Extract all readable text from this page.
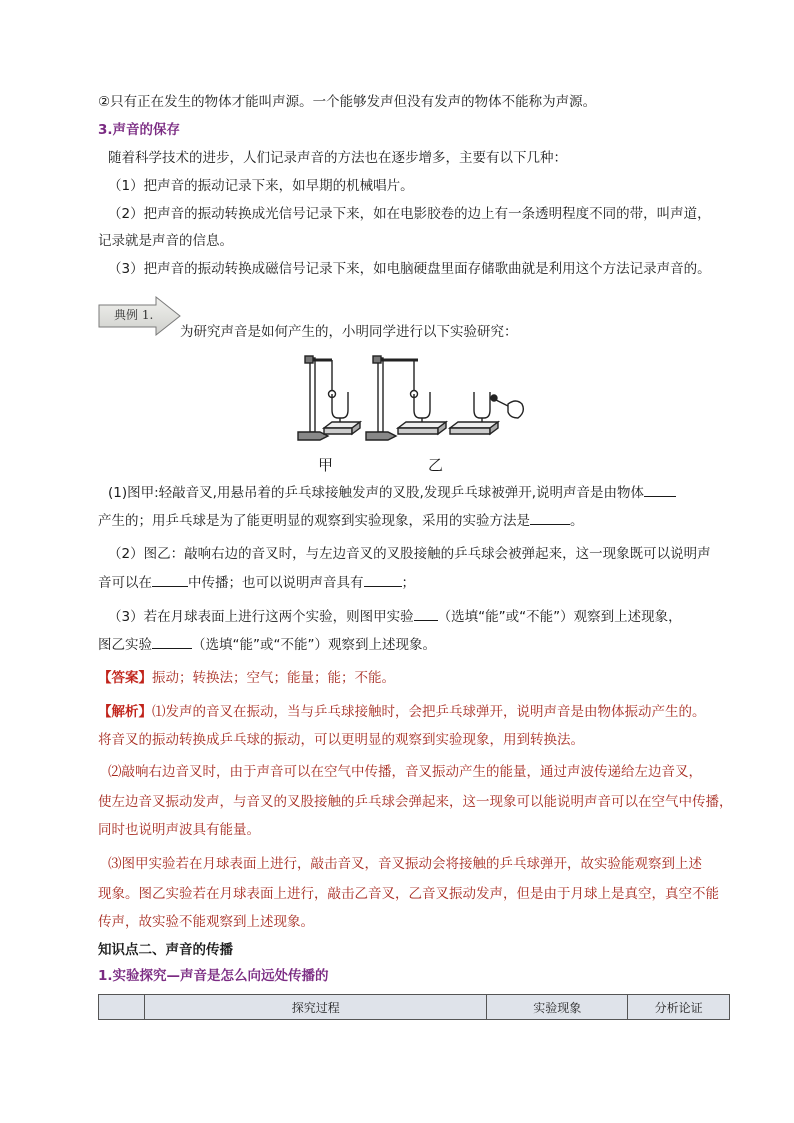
②只有正在发生的物体才能叫声源。一个能够发声但没有发声的物体不能称为声源。
3.声音的保存
随着科学技术的进步，人们记录声音的方法也在逐步增多，主要有以下几种：
（1）把声音的振动记录下来，如早期的机械唱片。
（2）把声音的振动转换成光信号记录下来，如在电影胶卷的边上有一条透明程度不同的带，叫声道，
记录就是声音的信息。
（3）把声音的振动转换成磁信号记录下来，如电脑硬盘里面存储歌曲就是利用这个方法记录声音的。
典例 1.
为研究声音是如何产生的，小明同学进行以下实验研究：
甲	乙
(1)图甲:轻敲音叉,用悬吊着的乒乓球接触发声的叉股,发现乒乓球被弹开,说明声音是由物体
产生的；用乒乓球是为了能更明显的观察到实验现象，采用的实验方法是	。
（2）图乙：敲响右边的音叉时，与左边音叉的叉股接触的乒乓球会被弹起来，这一现象既可以说明声
音可以在	中传播；也可以说明声音具有	；
（3）若在月球表面上进行这两个实验，则图甲实验 （选填“能”或“不能”）观察到上述现象，
图乙实验	（选填“能”或“不能”）观察到上述现象。
【答案】振动；转换法；空气；能量；能；不能。
【解析】⑴发声的音叉在振动，当与乒乓球接触时，会把乒乓球弹开，说明声音是由物体振动产生的。
将音叉的振动转换成乒乓球的振动，可以更明显的观察到实验现象，用到转换法。
⑵敲响右边音叉时，由于声音可以在空气中传播，音叉振动产生的能量，通过声波传递给左边音叉，
使左边音叉振动发声，与音叉的叉股接触的乒乓球会弹起来，这一现象可以能说明声音可以在空气中传播，
同时也说明声波具有能量。
⑶图甲实验若在月球表面上进行，敲击音叉，音叉振动会将接触的乒乓球弹开，故实验能观察到上述
现象。图乙实验若在月球表面上进行，敲击乙音叉，乙音叉振动发声，但是由于月球上是真空，真空不能
传声，故实验不能观察到上述现象。
知识点二、声音的传播
1.实验探究—声音是怎么向远处传播的
	探究过程	实验现象	分析论证
